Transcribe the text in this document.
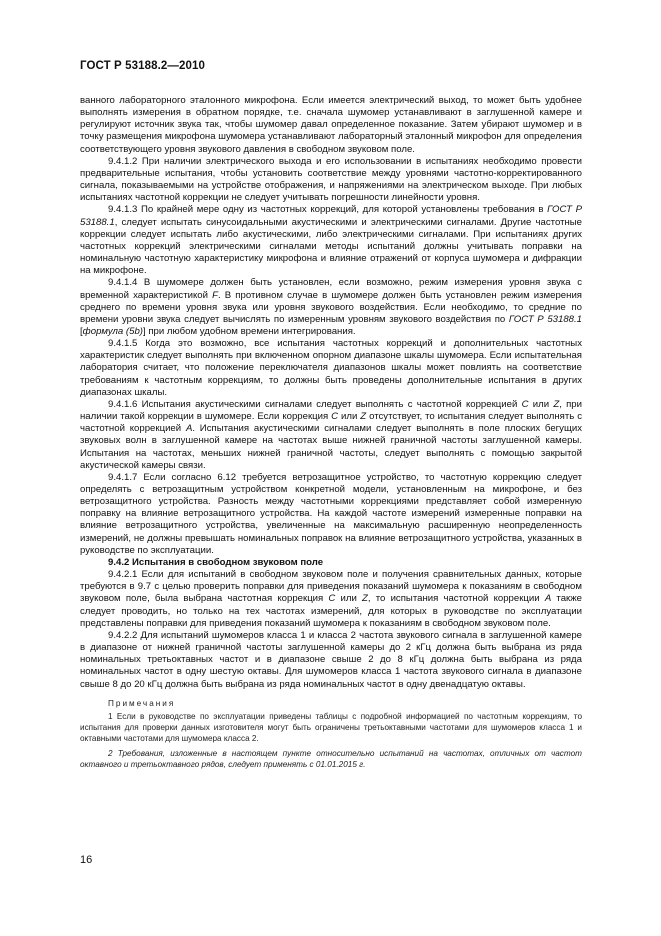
ГОСТ Р 53188.2—2010

ванного лабораторного эталонного микрофона. Если имеется электрический выход, то может быть удобнее выполнять измерения в обратном порядке, т.е. сначала шумомер устанавливают в заглушенной камере и регулируют источник звука так, чтобы шумомер давал определенное показание. Затем убирают шумомер и в точку размещения микрофона шумомера устанавливают лабораторный эталонный микрофон для определения соответствующего уровня звукового давления в свободном звуковом поле.

9.4.1.2 При наличии электрического выхода и его использовании в испытаниях необходимо провести предварительные испытания, чтобы установить соответствие между уровнями частотно-корректированного сигнала, показываемыми на устройстве отображения, и напряжениями на электрическом выходе. При любых испытаниях частотной коррекции не следует учитывать погрешности линейности уровня.

9.4.1.3 По крайней мере одну из частотных коррекций, для которой установлены требования в ГОСТ Р 53188.1, следует испытать синусоидальными акустическими и электрическими сигналами. Другие частотные коррекции следует испытать либо акустическими, либо электрическими сигналами. При испытаниях других частотных коррекций электрическими сигналами методы испытаний должны учитывать поправки на номинальную частотную характеристику микрофона и влияние отражений от корпуса шумомера и дифракции на микрофоне.

9.4.1.4 В шумомере должен быть установлен, если возможно, режим измерения уровня звука с временной характеристикой F. В противном случае в шумомере должен быть установлен режим измерения среднего по времени уровня звука или уровня звукового воздействия. Если необходимо, то средние по времени уровни звука следует вычислять по измеренным уровням звукового воздействия по ГОСТ Р 53188.1 [формула (5b)] при любом удобном времени интегрирования.

9.4.1.5 Когда это возможно, все испытания частотных коррекций и дополнительных частотных характеристик следует выполнять при включенном опорном диапазоне шкалы шумомера. Если испытательная лаборатория считает, что положение переключателя диапазонов шкалы может повлиять на соответствие требованиям к частотным коррекциям, то должны быть проведены дополнительные испытания в других диапазонах шкалы.

9.4.1.6 Испытания акустическими сигналами следует выполнять с частотной коррекцией C или Z, при наличии такой коррекции в шумомере. Если коррекция C или Z отсутствует, то испытания следует выполнять с частотной коррекцией A. Испытания акустическими сигналами следует выполнять в поле плоских бегущих звуковых волн в заглушенной камере на частотах выше нижней граничной частоты заглушенной камеры. Испытания на частотах, меньших нижней граничной частоты, следует выполнять с помощью закрытой акустической камеры связи.

9.4.1.7 Если согласно 6.12 требуется ветрозащитное устройство, то частотную коррекцию следует определять с ветрозащитным устройством конкретной модели, установленным на микрофоне, и без ветрозащитного устройства. Разность между частотными коррекциями представляет собой измеренную поправку на влияние ветрозащитного устройства. На каждой частоте измерений измеренные поправки на влияние ветрозащитного устройства, увеличенные на максимальную расширенную неопределенность измерений, не должны превышать номинальных поправок на влияние ветрозащитного устройства, указанных в руководстве по эксплуатации.

9.4.2 Испытания в свободном звуковом поле

9.4.2.1 Если для испытаний в свободном звуковом поле и получения сравнительных данных, которые требуются в 9.7 с целью проверить поправки для приведения показаний шумомера к показаниям в свободном звуковом поле, была выбрана частотная коррекция C или Z, то испытания частотной коррекции A также следует проводить, но только на тех частотах измерений, для которых в руководстве по эксплуатации представлены поправки для приведения показаний шумомера к показаниям в свободном звуковом поле.

9.4.2.2 Для испытаний шумомеров класса 1 и класса 2 частота звукового сигнала в заглушенной камере в диапазоне от нижней граничной частоты заглушенной камеры до 2 кГц должна быть выбрана из ряда номинальных третьоктавных частот и в диапазоне свыше 2 до 8 кГц должна быть выбрана из ряда номинальных частот в одну шестую октавы. Для шумомеров класса 1 частота звукового сигнала в диапазоне свыше 8 до 20 кГц должна быть выбрана из ряда номинальных частот в одну двенадцатую октавы.

Примечания

1 Если в руководстве по эксплуатации приведены таблицы с подробной информацией по частотным коррекциям, то испытания для проверки данных изготовителя могут быть ограничены третьоктавными частотами для шумомеров класса 1 и октавными частотами для шумомера класса 2.

2 Требования, изложенные в настоящем пункте относительно испытаний на частотах, отличных от частот октавного и третьоктавного рядов, следует применять с 01.01.2015 г.

16
